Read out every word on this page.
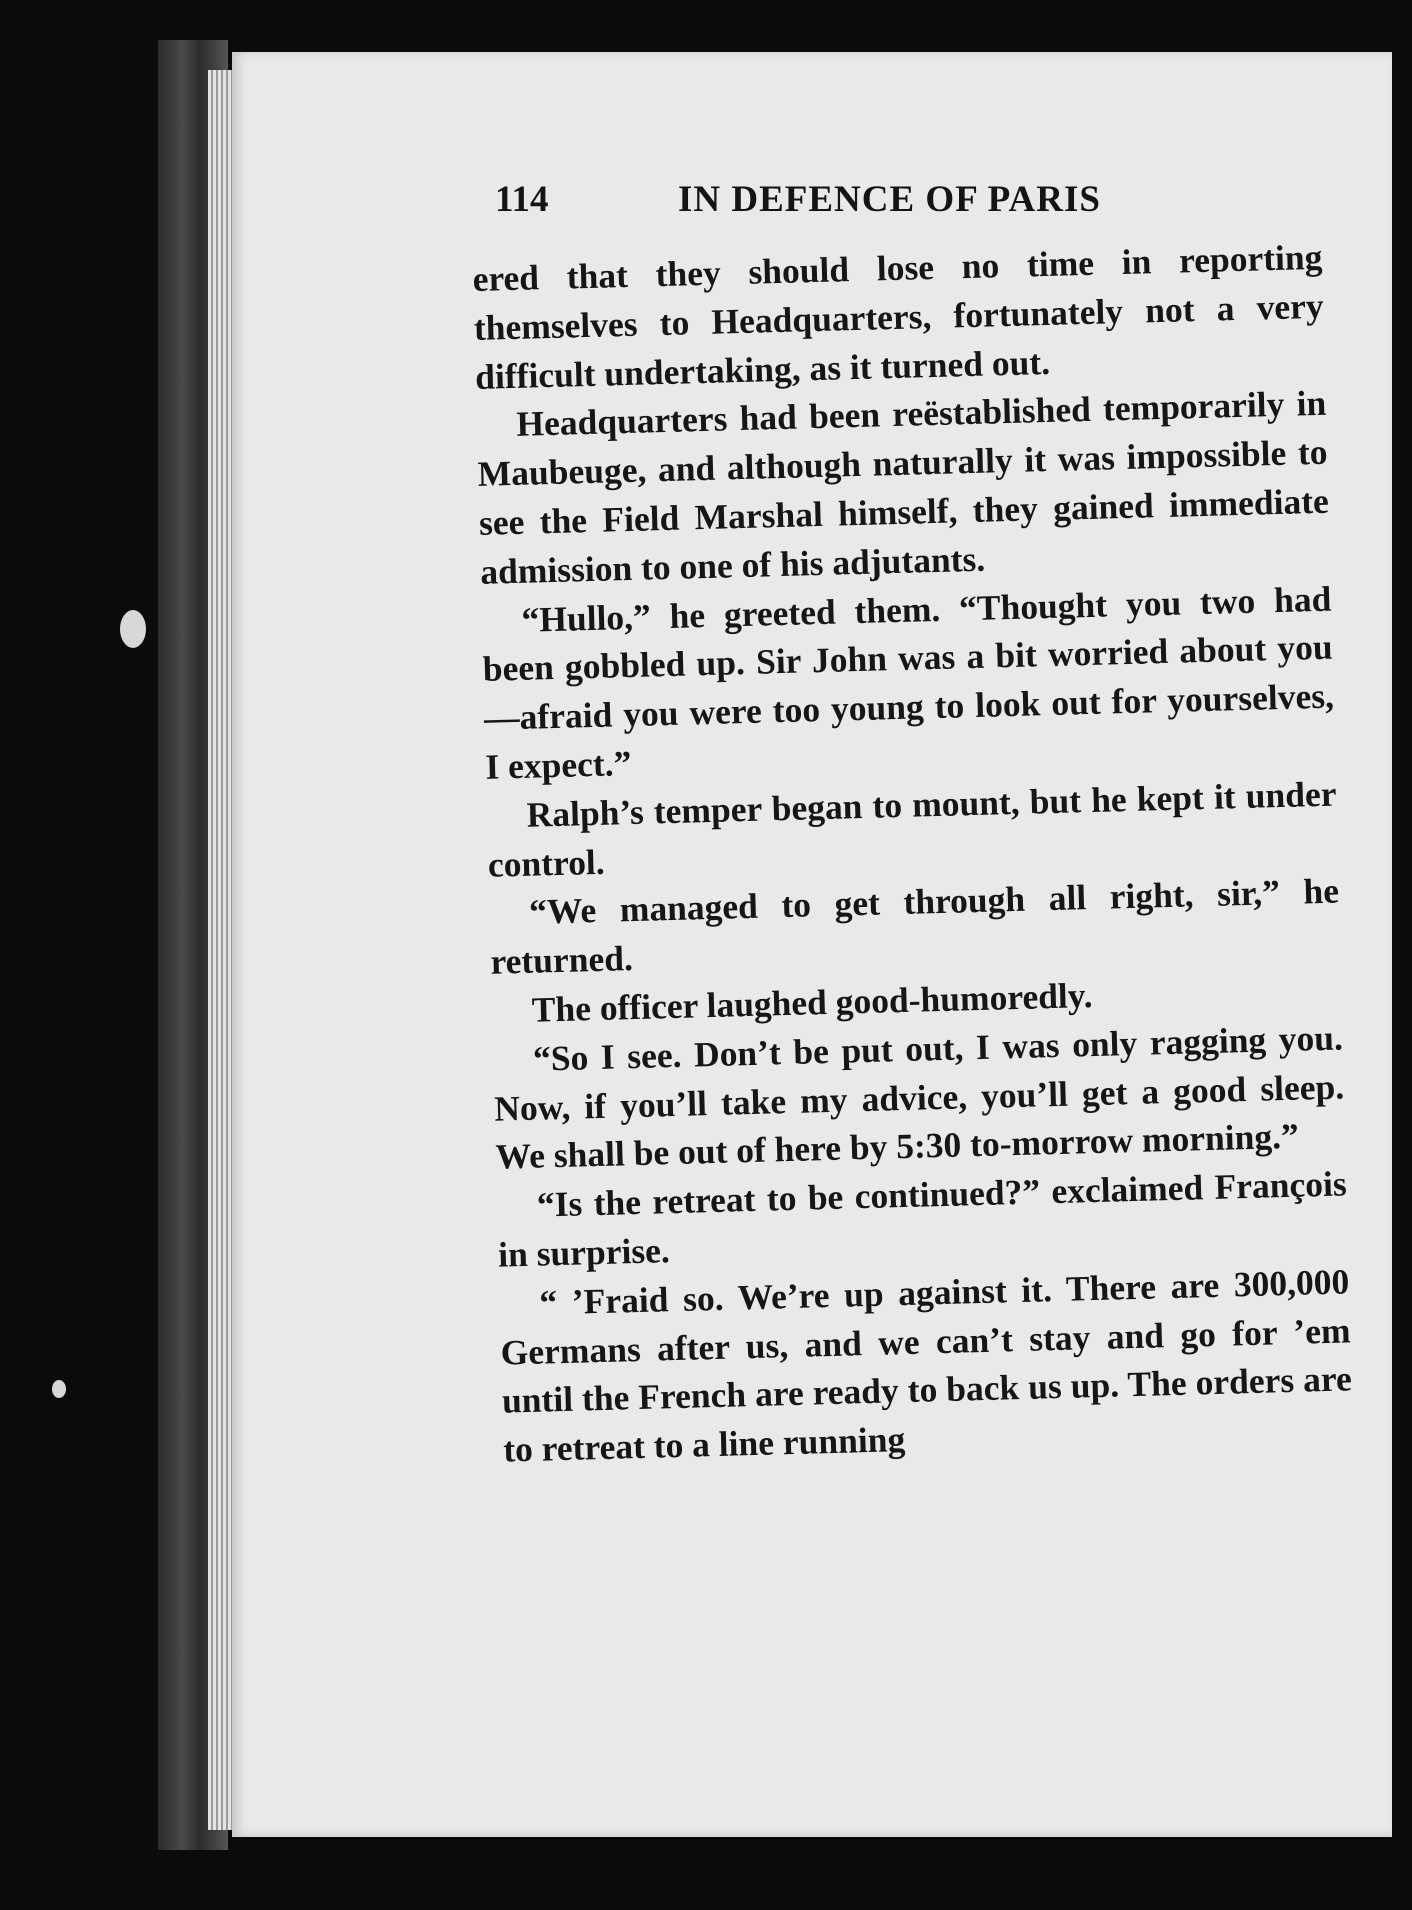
114	IN DEFENCE OF PARIS

ered that they should lose no time in reporting themselves to Headquarters, fortunately not a very difficult undertaking, as it turned out.

Headquarters had been reëstablished temporarily in Maubeuge, and although naturally it was impossible to see the Field Marshal himself, they gained immediate admission to one of his adjutants.

“Hullo,” he greeted them. “Thought you two had been gobbled up. Sir John was a bit worried about you—afraid you were too young to look out for yourselves, I expect.”

Ralph’s temper began to mount, but he kept it under control.

“We managed to get through all right, sir,” he returned.

The officer laughed good-humoredly.

“So I see. Don’t be put out, I was only ragging you. Now, if you’ll take my advice, you’ll get a good sleep. We shall be out of here by 5:30 to-morrow morning.”

“Is the retreat to be continued?” exclaimed François in surprise.

“ ’Fraid so. We’re up against it. There are 300,000 Germans after us, and we can’t stay and go for ’em until the French are ready to back us up. The orders are to retreat to a line running
